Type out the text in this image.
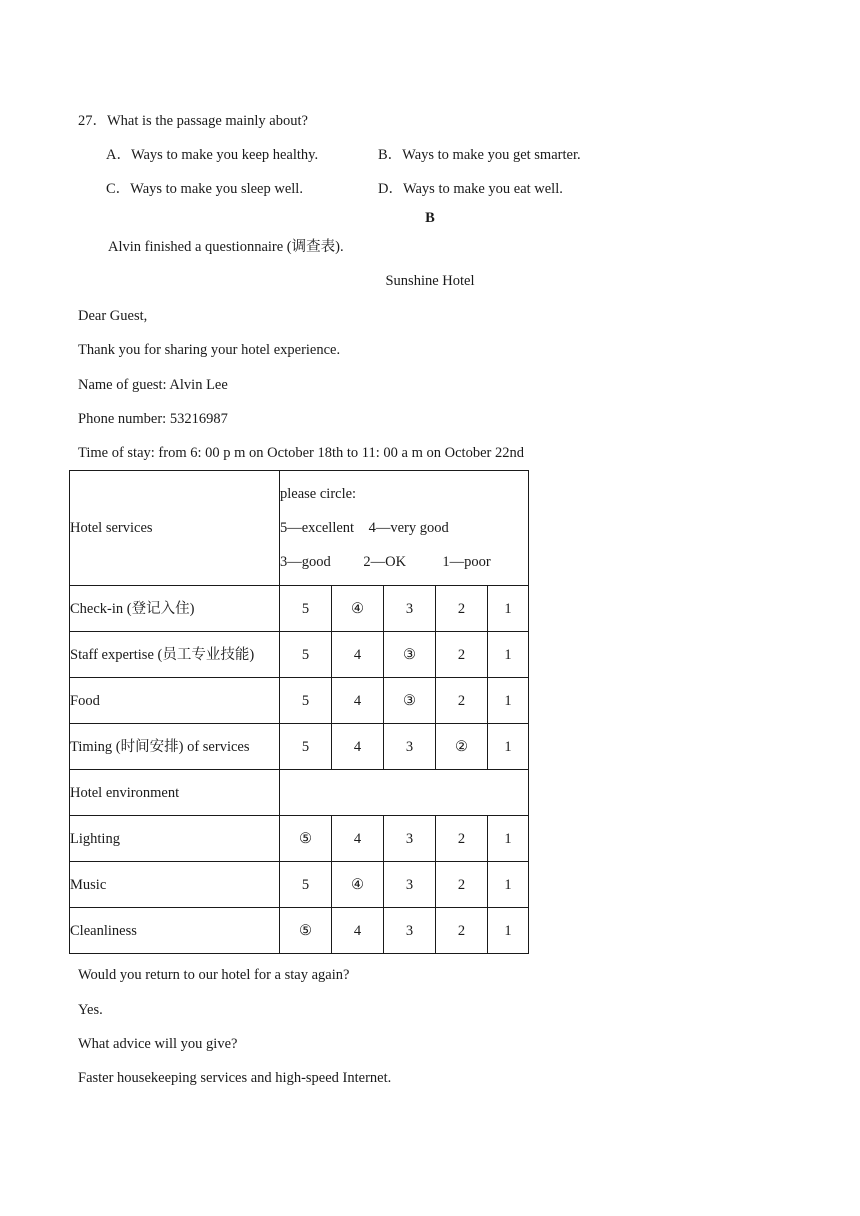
27．What is the passage mainly about?
A．Ways to make you keep healthy.	B．Ways to make you get smarter.
C．Ways to make you sleep well.	D．Ways to make you eat well.
B
Alvin finished a questionnaire (调查表).
Sunshine Hotel
Dear Guest,
Thank you for sharing your hotel experience.
Name of guest: Alvin Lee
Phone number: 53216987
Time of stay: from 6: 00 p m on October 18th to 11: 00 a m on October 22nd
Hotel services	please circle:
5—excellent    4—very good
3—good         2—OK          1—poor				

Check-in (登记入住)	5	④	3	2	1
Staff expertise (员工专业技能)	5	4	③	2	1
Food	5	4	③	2	1
Timing (时间安排) of services	5	4	3	②	1
Hotel environment					
Lighting	⑤	4	3	2	1
Music	5	④	3	2	1
Cleanliness	⑤	4	3	2	1
Would you return to our hotel for a stay again?
Yes.
What advice will you give?
Faster housekeeping services and high-speed Internet.
